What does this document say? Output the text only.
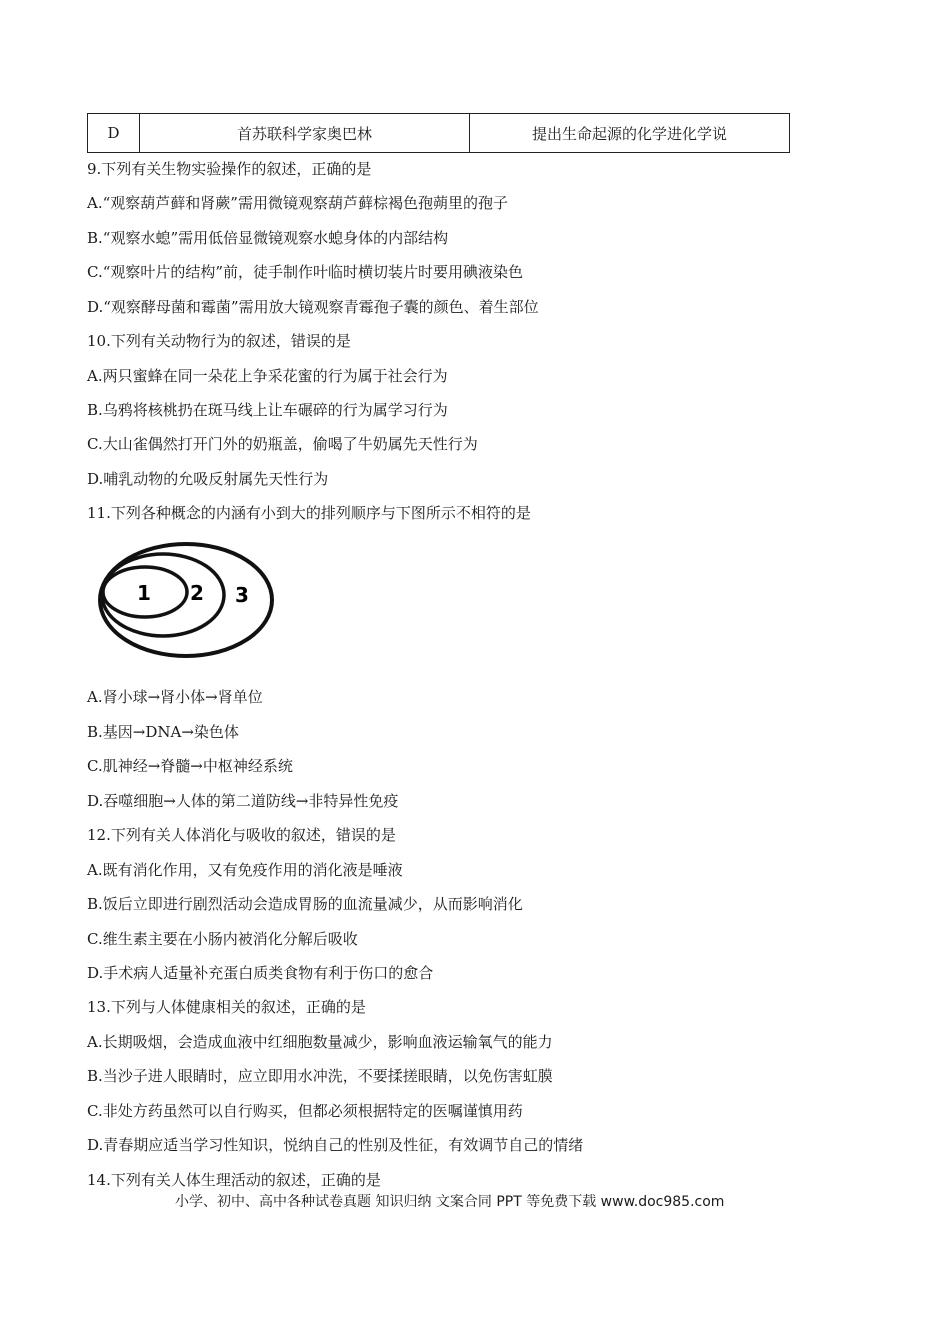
D	首苏联科学家奥巴林	提出生命起源的化学进化学说
9.下列有关生物实验操作的叙述，正确的是
A.“观察葫芦藓和肾蕨”需用微镜观察葫芦藓棕褐色孢蒴里的孢子
B.“观察水螅”需用低倍显微镜观察水螅身体的内部结构
C.“观察叶片的结构”前，徒手制作叶临时横切装片时要用碘液染色
D.“观察酵母菌和霉菌”需用放大镜观察青霉孢子囊的颜色、着生部位
10.下列有关动物行为的叙述，错误的是
A.两只蜜蜂在同一朵花上争采花蜜的行为属于社会行为
B.乌鸦将核桃扔在斑马线上让车碾碎的行为属学习行为
C.大山雀偶然打开门外的奶瓶盖，偷喝了牛奶属先天性行为
D.哺乳动物的允吸反射属先天性行为
11.下列各种概念的内涵有小到大的排列顺序与下图所示不相符的是
1 2 3
A.肾小球→肾小体→肾单位
B.基因→DNA→染色体
C.肌神经→脊髓→中枢神经系统
D.吞噬细胞→人体的第二道防线→非特异性免疫
12.下列有关人体消化与吸收的叙述，错误的是
A.既有消化作用，又有免疫作用的消化液是唾液
B.饭后立即进行剧烈活动会造成胃肠的血流量减少，从而影响消化
C.维生素主要在小肠内被消化分解后吸收
D.手术病人适量补充蛋白质类食物有利于伤口的愈合
13.下列与人体健康相关的叙述，正确的是
A.长期吸烟，会造成血液中红细胞数量减少，影响血液运输氧气的能力
B.当沙子进人眼睛时，应立即用水冲洗，不要揉搓眼睛，以免伤害虹膜
C.非处方药虽然可以自行购买，但都必须根据特定的医嘱谨慎用药
D.青春期应适当学习性知识，悦纳自己的性别及性征，有效调节自己的情绪
14.下列有关人体生理活动的叙述，正确的是
小学、初中、高中各种试卷真题 知识归纳 文案合同 PPT 等免费下载 www.doc985.com
